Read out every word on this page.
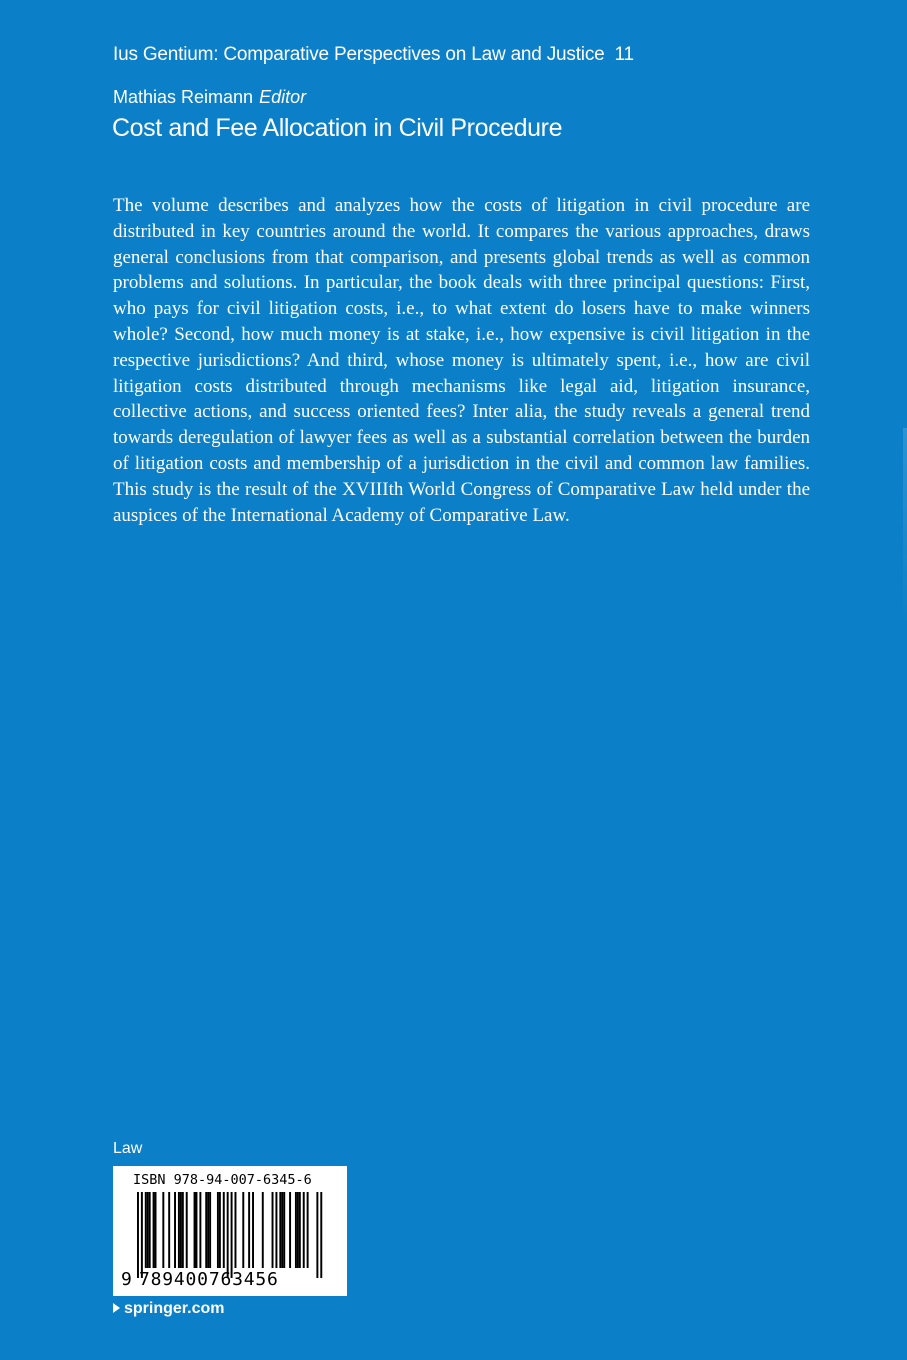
Ius Gentium: Comparative Perspectives on Law and Justice 11
Mathias Reimann Editor
Cost and Fee Allocation in Civil Procedure
The volume describes and analyzes how the costs of litigation in civil procedure are distributed in key countries around the world. It compares the various approaches, draws general conclusions from that comparison, and presents global trends as well as common problems and solutions. In particular, the book deals with three principal questions: First, who pays for civil litigation costs, i.e., to what extent do losers have to make winners whole? Second, how much money is at stake, i.e., how expensive is civil litigation in the respective jurisdictions? And third, whose money is ultimately spent, i.e., how are civil litigation costs distributed through mechanisms like legal aid, litigation insurance, collective actions, and success oriented fees? Inter alia, the study reveals a general trend towards deregulation of lawyer fees as well as a substantial correlation between the burden of litigation costs and membership of a jurisdiction in the civil and common law families. This study is the result of the XVIIIth World Congress of Comparative Law held under the auspices of the International Academy of Comparative Law.
Law
ISBN 978-94-007-6345-6
9 789400763456
springer.com
